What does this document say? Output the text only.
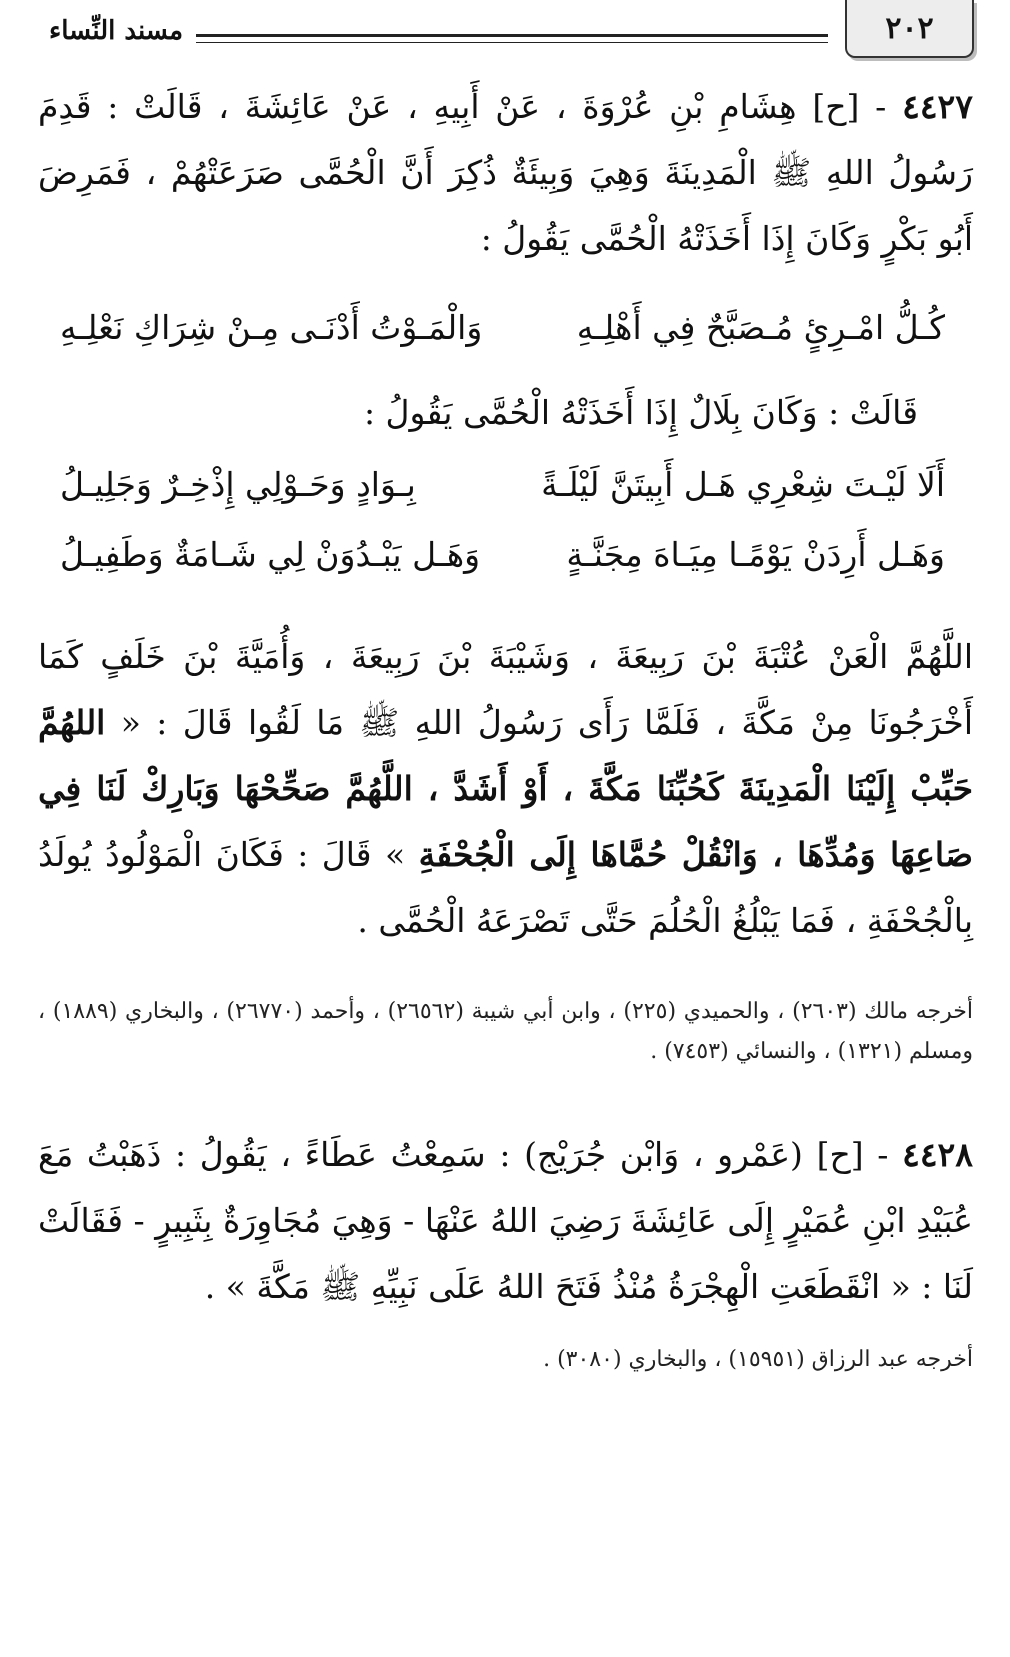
٢٠٢
مسند النِّساء
٤٤٢٧ - [ح] هِشَامِ بْنِ عُرْوَةَ ، عَنْ أَبِيهِ ، عَنْ عَائِشَةَ ، قَالَتْ : قَدِمَ رَسُولُ اللهِ ﷺ الْمَدِينَةَ وَهِيَ وَبِيئَةٌ ذُكِرَ أَنَّ الْحُمَّى صَرَعَتْهُمْ ، فَمَرِضَ أَبُو بَكْرٍ وَكَانَ إِذَا أَخَذَتْهُ الْحُمَّى يَقُولُ :
كُـلُّ امْـرِئٍ مُـصَبَّحٌ فِي أَهْلِـهِ
وَالْمَـوْتُ أَدْنَـى مِـنْ شِرَاكِ نَعْلِـهِ
قَالَتْ : وَكَانَ بِلَالٌ إِذَا أَخَذَتْهُ الْحُمَّى يَقُولُ :
أَلَا لَيْـتَ شِعْرِي هَـل أَبِيتَنَّ لَيْلَـةً
بِـوَادٍ وَحَـوْلِي إِذْخِـرٌ وَجَلِيـلُ
وَهَـل أَرِدَنْ يَوْمًـا مِيَـاهَ مِجَنَّـةٍ
وَهَـل يَبْـدُوَنْ لِي شَـامَةٌ وَطَفِيـلُ
اللَّهُمَّ الْعَنْ عُتْبَةَ بْنَ رَبِيعَةَ ، وَشَيْبَةَ بْنَ رَبِيعَةَ ، وَأُمَيَّةَ بْنَ خَلَفٍ كَمَا أَخْرَجُونَا مِنْ مَكَّةَ ، فَلَمَّا رَأَى رَسُولُ اللهِ ﷺ مَا لَقُوا قَالَ : « اللهُمَّ حَبِّبْ إِلَيْنَا الْمَدِينَةَ كَحُبِّنَا مَكَّةَ ، أَوْ أَشَدَّ ، اللَّهُمَّ صَحِّحْهَا وَبَارِكْ لَنَا فِي صَاعِهَا وَمُدِّهَا ، وَانْقُلْ حُمَّاهَا إِلَى الْجُحْفَةِ » قَالَ : فَكَانَ الْمَوْلُودُ يُولَدُ بِالْجُحْفَةِ ، فَمَا يَبْلُغُ الْحُلُمَ حَتَّى تَصْرَعَهُ الْحُمَّى .
أخرجه مالك (٢٦٠٣) ، والحميدي (٢٢٥) ، وابن أبي شيبة (٢٦٥٦٢) ، وأحمد (٢٦٧٧٠) ، والبخاري (١٨٨٩) ، ومسلم (١٣٢١) ، والنسائي (٧٤٥٣) .
٤٤٢٨ - [ح] (عَمْرو ، وَابْن جُرَيْج) : سَمِعْتُ عَطَاءً ، يَقُولُ : ذَهَبْتُ مَعَ عُبَيْدِ ابْنِ عُمَيْرٍ إِلَى عَائِشَةَ رَضِيَ اللهُ عَنْهَا - وَهِيَ مُجَاوِرَةٌ بِثَبِيرٍ - فَقَالَتْ لَنَا : « انْقَطَعَتِ الْهِجْرَةُ مُنْذُ فَتَحَ اللهُ عَلَى نَبِيِّهِ ﷺ مَكَّةَ » .
أخرجه عبد الرزاق (١٥٩٥١) ، والبخاري (٣٠٨٠) .
